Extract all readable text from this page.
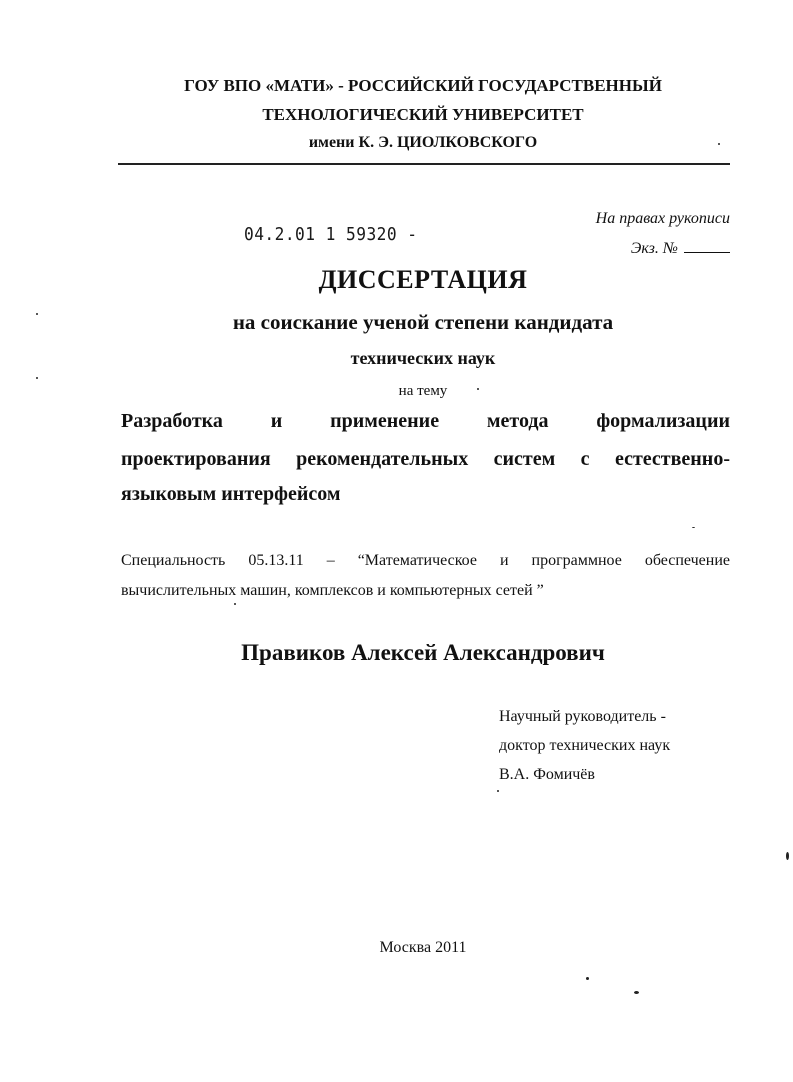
ГОУ ВПО «МАТИ» - РОССИЙСКИЙ ГОСУДАРСТВЕННЫЙ
ТЕХНОЛОГИЧЕСКИЙ УНИВЕРСИТЕТ
имени К. Э. ЦИОЛКОВСКОГО
04.2.01 1 59320 -
На правах рукописи
Экз. №
ДИССЕРТАЦИЯ
на соискание ученой степени кандидата
технических наук
на тему
Разработка и применение метода формализации
проектирования рекомендательных систем с естественно-
языковым интерфейсом
Специальность 05.13.11 – “Математическое и программное обеспечение
вычислительных машин, комплексов и компьютерных сетей ”
Правиков Алексей Александрович
Научный руководитель -
доктор технических наук
В.А. Фомичёв
Москва 2011
